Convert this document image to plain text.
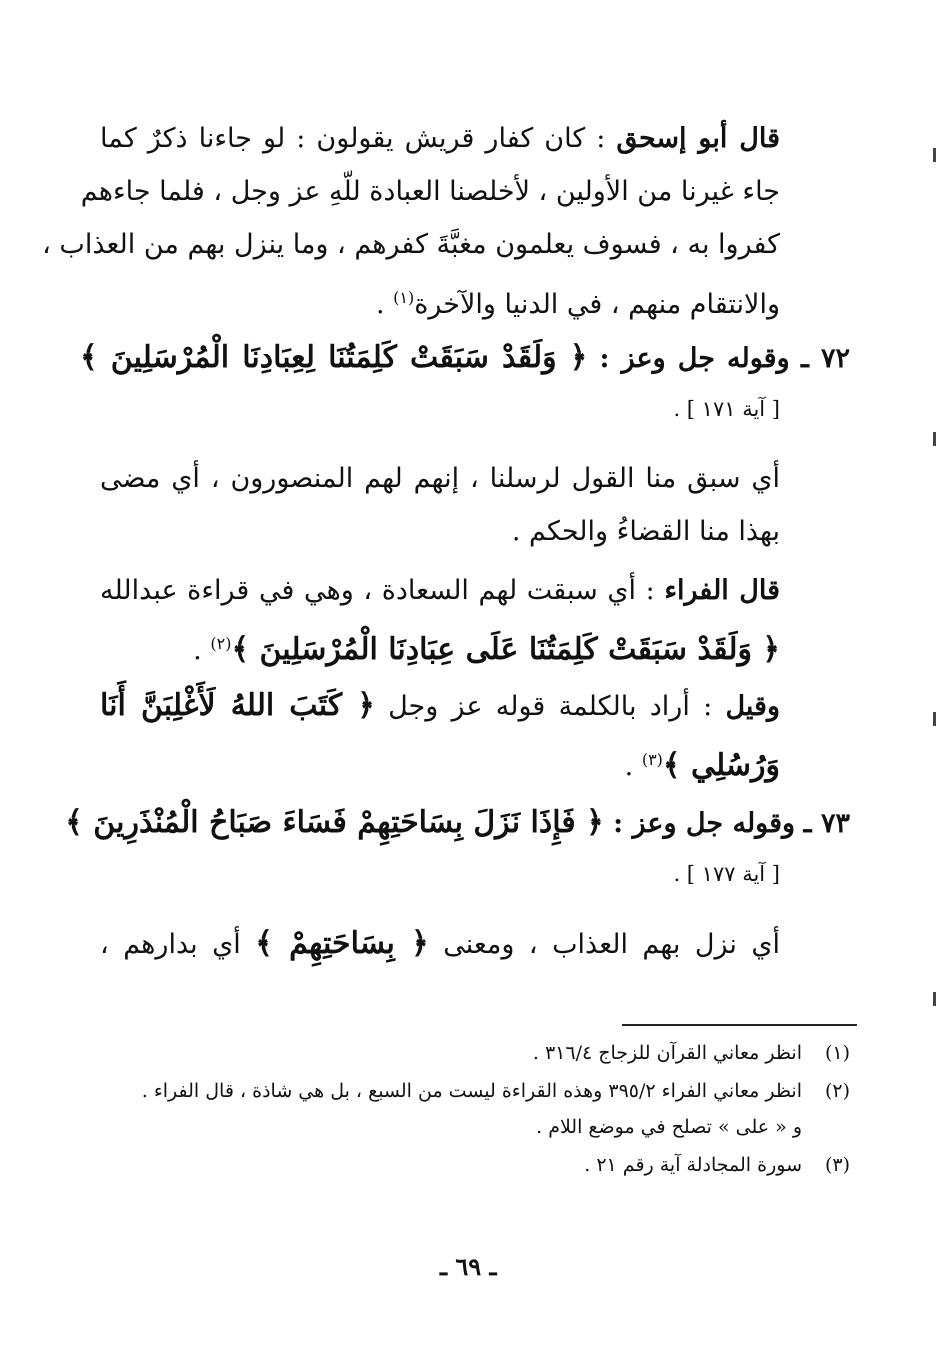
قال أبو إسحق : كان كفار قريش يقولون : لو جاءنا ذكرٌ كما
جاء غيرنا من الأولين ، لأخلصنا العبادة للّهِ عز وجل ، فلما جاءهم
كفروا به ، فسوف يعلمون مغبَّةَ كفرهم ، وما ينزل بهم من العذاب ،
والانتقام منهم ، في الدنيا والآخرة$^{(١)}$ .
٧٢ ـ وقوله جل وعز : ﴿ وَلَقَدْ سَبَقَتْ كَلِمَتُنَا لِعِبَادِنَا الْمُرْسَلِينَ ﴾
[ آية ١٧١ ] .
أي سبق منا القول لرسلنا ، إنهم لهم المنصورون ، أي مضى
بهذا منا القضاءُ والحكم .
قال الفراء : أي سبقت لهم السعادة ، وهي في قراءة عبدالله
﴿ وَلَقَدْ سَبَقَتْ كَلِمَتُنَا عَلَى عِبَادِنَا الْمُرْسَلِينَ ﴾$^{(٢)}$ .
وقيل : أراد بالكلمة قوله عز وجل ﴿ كَتَبَ اللهُ لَأَغْلِبَنَّ أَنَا
وَرُسُلِي ﴾$^{(٣)}$ .
٧٣ ـ وقوله جل وعز : ﴿ فَإِذَا نَزَلَ بِسَاحَتِهِمْ فَسَاءَ صَبَاحُ الْمُنْذَرِينَ ﴾
[ آية ١٧٧ ] .
أي نزل بهم العذاب ، ومعنى ﴿ بِسَاحَتِهِمْ ﴾ أي بدارهم ،
(١)انظر معاني القرآن للزجاج ٣١٦/٤ .
(٢)انظر معاني الفراء ٣٩٥/٢ وهذه القراءة ليست من السبع ، بل هي شاذة ، قال الفراء .
و « على » تصلح في موضع اللام .
(٣)سورة المجادلة آية رقم ٢١ .
ـ ٦٩ ـ
